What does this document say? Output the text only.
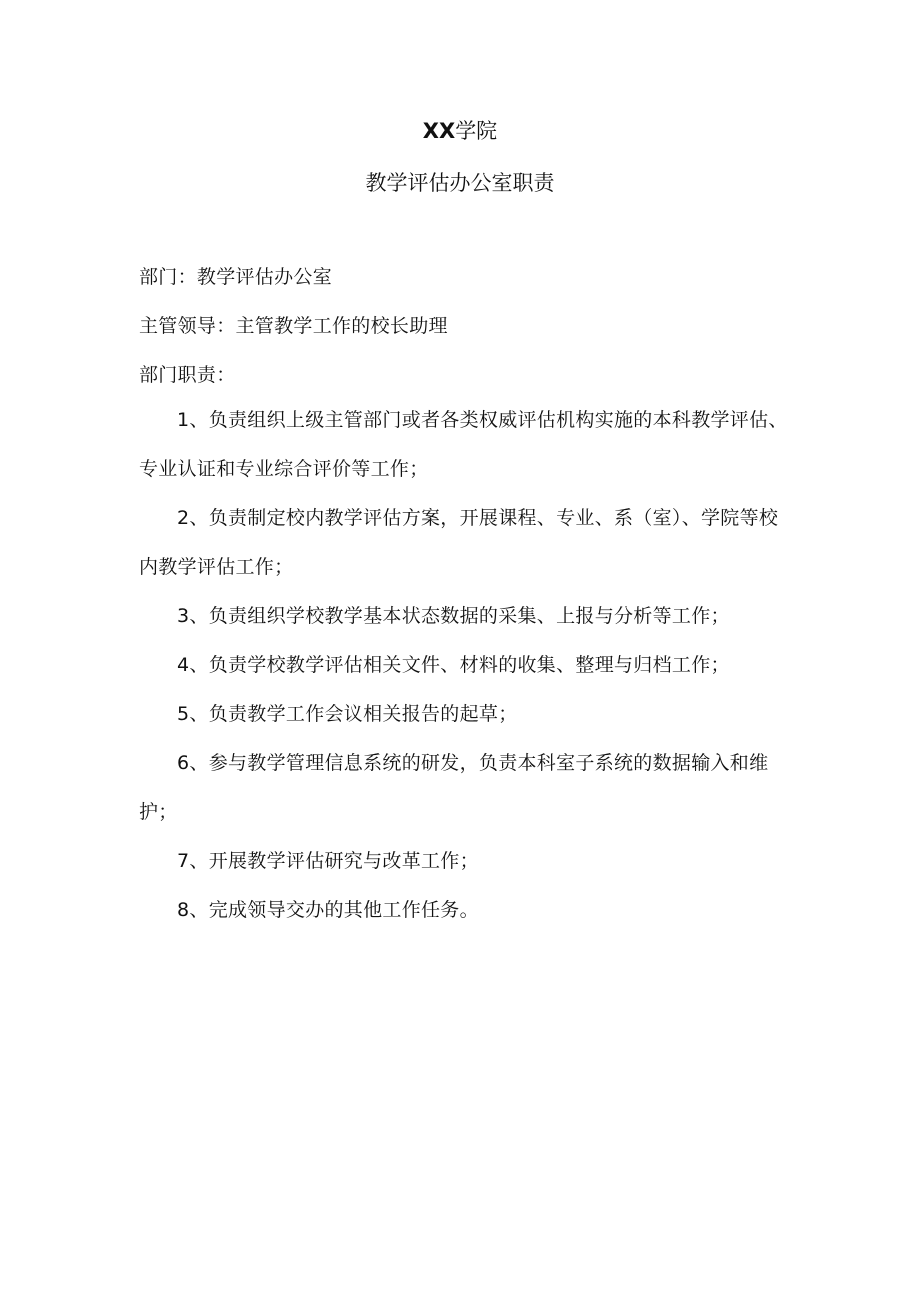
XX学院
教学评估办公室职责

部门：教学评估办公室

主管领导：主管教学工作的校长助理

部门职责：

1、负责组织上级主管部门或者各类权威评估机构实施的本科教学评估、专业认证和专业综合评价等工作；

2、负责制定校内教学评估方案，开展课程、专业、系（室）、学院等校内教学评估工作；

3、负责组织学校教学基本状态数据的采集、上报与分析等工作；

4、负责学校教学评估相关文件、材料的收集、整理与归档工作；

5、负责教学工作会议相关报告的起草；

6、参与教学管理信息系统的研发，负责本科室子系统的数据输入和维护；

7、开展教学评估研究与改革工作；

8、完成领导交办的其他工作任务。
